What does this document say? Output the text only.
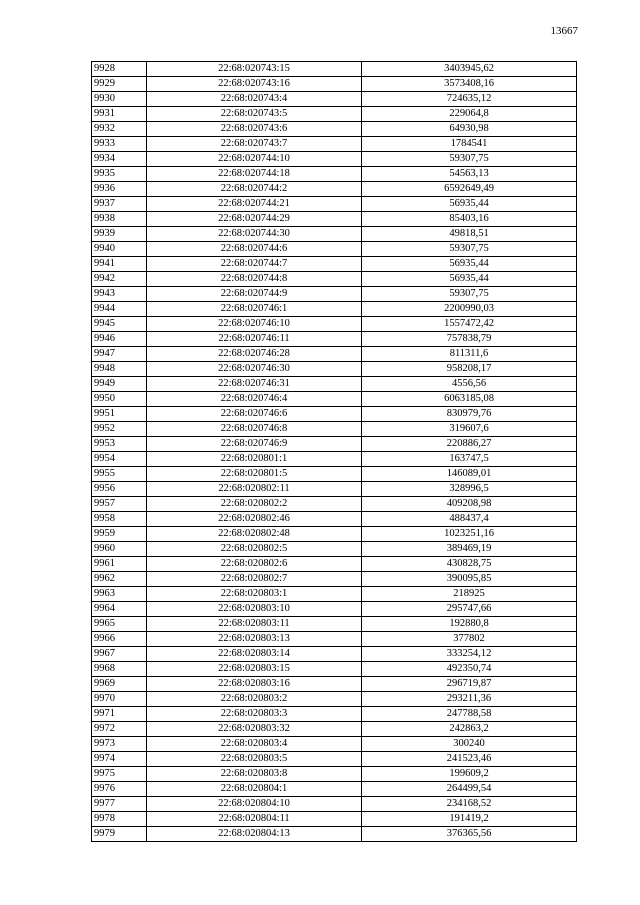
13667
9928	22:68:020743:15	3403945,62
9929	22:68:020743:16	3573408,16
9930	22:68:020743:4	724635,12
9931	22:68:020743:5	229064,8
9932	22:68:020743:6	64930,98
9933	22:68:020743:7	1784541
9934	22:68:020744:10	59307,75
9935	22:68:020744:18	54563,13
9936	22:68:020744:2	6592649,49
9937	22:68:020744:21	56935,44
9938	22:68:020744:29	85403,16
9939	22:68:020744:30	49818,51
9940	22:68:020744:6	59307,75
9941	22:68:020744:7	56935,44
9942	22:68:020744:8	56935,44
9943	22:68:020744:9	59307,75
9944	22:68:020746:1	2200990,03
9945	22:68:020746:10	1557472,42
9946	22:68:020746:11	757838,79
9947	22:68:020746:28	811311,6
9948	22:68:020746:30	958208,17
9949	22:68:020746:31	4556,56
9950	22:68:020746:4	6063185,08
9951	22:68:020746:6	830979,76
9952	22:68:020746:8	319607,6
9953	22:68:020746:9	220886,27
9954	22:68:020801:1	163747,5
9955	22:68:020801:5	146089,01
9956	22:68:020802:11	328996,5
9957	22:68:020802:2	409208,98
9958	22:68:020802:46	488437,4
9959	22:68:020802:48	1023251,16
9960	22:68:020802:5	389469,19
9961	22:68:020802:6	430828,75
9962	22:68:020802:7	390095,85
9963	22:68:020803:1	218925
9964	22:68:020803:10	295747,66
9965	22:68:020803:11	192880,8
9966	22:68:020803:13	377802
9967	22:68:020803:14	333254,12
9968	22:68:020803:15	492350,74
9969	22:68:020803:16	296719,87
9970	22:68:020803:2	293211,36
9971	22:68:020803:3	247788,58
9972	22:68:020803:32	242863,2
9973	22:68:020803:4	300240
9974	22:68:020803:5	241523,46
9975	22:68:020803:8	199609,2
9976	22:68:020804:1	264499,54
9977	22:68:020804:10	234168,52
9978	22:68:020804:11	191419,2
9979	22:68:020804:13	376365,56
